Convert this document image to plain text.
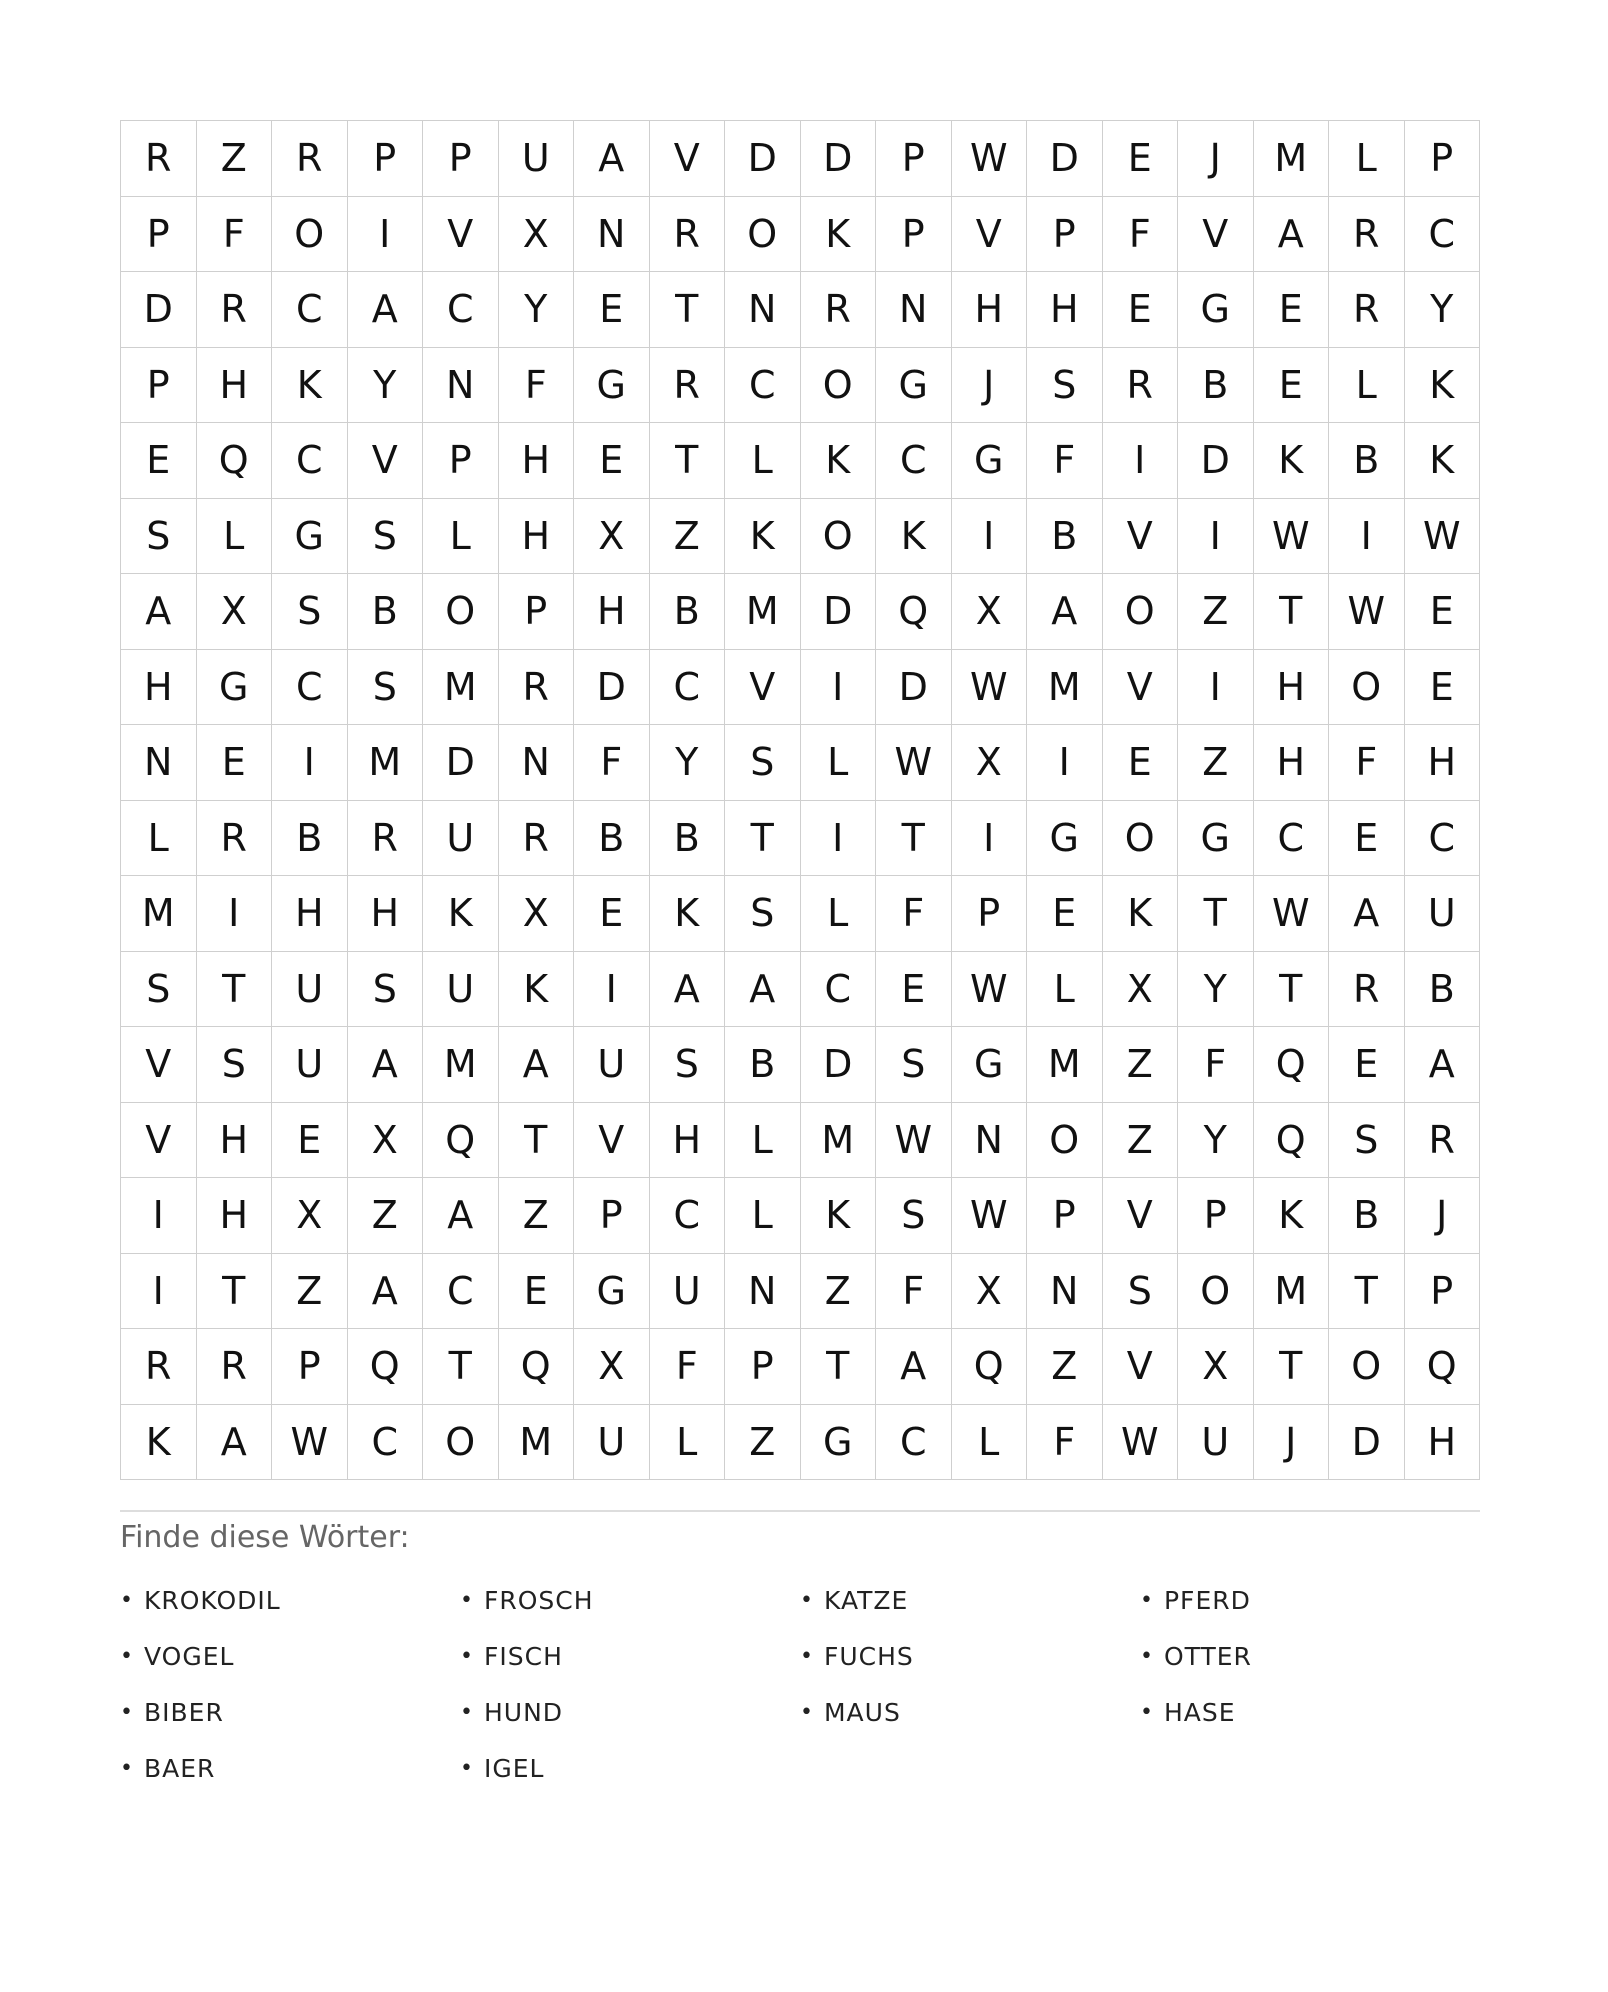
R	Z	R	P	P	U	A	V	D	D	P	W	D	E	J	M	L	P
P	F	O	I	V	X	N	R	O	K	P	V	P	F	V	A	R	C
D	R	C	A	C	Y	E	T	N	R	N	H	H	E	G	E	R	Y
P	H	K	Y	N	F	G	R	C	O	G	J	S	R	B	E	L	K
E	Q	C	V	P	H	E	T	L	K	C	G	F	I	D	K	B	K
S	L	G	S	L	H	X	Z	K	O	K	I	B	V	I	W	I	W
A	X	S	B	O	P	H	B	M	D	Q	X	A	O	Z	T	W	E
H	G	C	S	M	R	D	C	V	I	D	W	M	V	I	H	O	E
N	E	I	M	D	N	F	Y	S	L	W	X	I	E	Z	H	F	H
L	R	B	R	U	R	B	B	T	I	T	I	G	O	G	C	E	C
M	I	H	H	K	X	E	K	S	L	F	P	E	K	T	W	A	U
S	T	U	S	U	K	I	A	A	C	E	W	L	X	Y	T	R	B
V	S	U	A	M	A	U	S	B	D	S	G	M	Z	F	Q	E	A
V	H	E	X	Q	T	V	H	L	M	W	N	O	Z	Y	Q	S	R
I	H	X	Z	A	Z	P	C	L	K	S	W	P	V	P	K	B	J
I	T	Z	A	C	E	G	U	N	Z	F	X	N	S	O	M	T	P
R	R	P	Q	T	Q	X	F	P	T	A	Q	Z	V	X	T	O	Q
K	A	W	C	O	M	U	L	Z	G	C	L	F	W	U	J	D	H
Finde diese Wörter:
• KROKODIL	• FROSCH	• KATZE	• PFERD
• VOGEL	• FISCH	• FUCHS	• OTTER
• BIBER	• HUND	• MAUS	• HASE
• BAER	• IGEL
